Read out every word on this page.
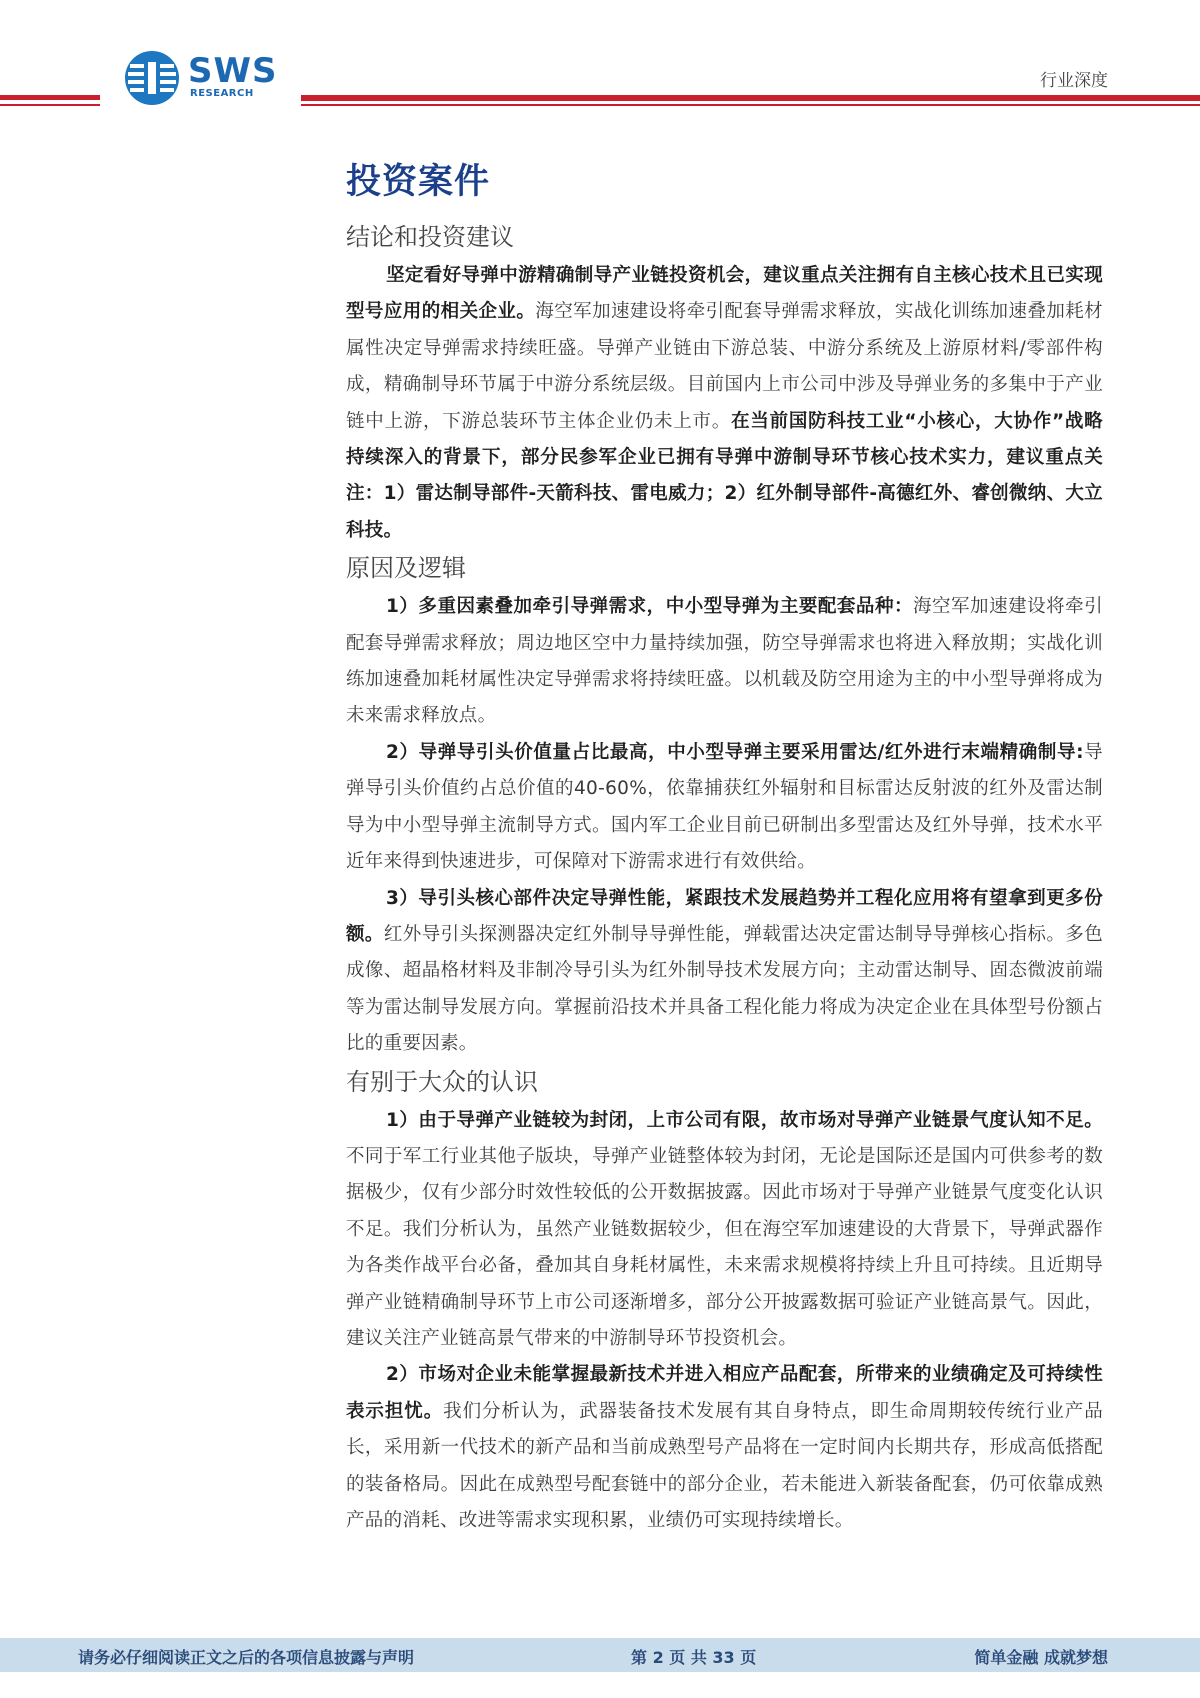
SWS
RESEARCH
行业深度
投资案件
结论和投资建议
坚定看好导弹中游精确制导产业链投资机会，建议重点关注拥有自主核心技术且已实现型号应用的相关企业。海空军加速建设将牵引配套导弹需求释放，实战化训练加速叠加耗材属性决定导弹需求持续旺盛。导弹产业链由下游总装、中游分系统及上游原材料/零部件构成，精确制导环节属于中游分系统层级。目前国内上市公司中涉及导弹业务的多集中于产业链中上游，下游总装环节主体企业仍未上市。在当前国防科技工业“小核心，大协作”战略持续深入的背景下，部分民参军企业已拥有导弹中游制导环节核心技术实力，建议重点关注：1）雷达制导部件-天箭科技、雷电威力；2）红外制导部件-高德红外、睿创微纳、大立科技。
原因及逻辑
1）多重因素叠加牵引导弹需求，中小型导弹为主要配套品种：海空军加速建设将牵引配套导弹需求释放；周边地区空中力量持续加强，防空导弹需求也将进入释放期；实战化训练加速叠加耗材属性决定导弹需求将持续旺盛。以机载及防空用途为主的中小型导弹将成为未来需求释放点。
2）导弹导引头价值量占比最高，中小型导弹主要采用雷达/红外进行末端精确制导:导弹导引头价值约占总价值的40-60%，依靠捕获红外辐射和目标雷达反射波的红外及雷达制导为中小型导弹主流制导方式。国内军工企业目前已研制出多型雷达及红外导弹，技术水平近年来得到快速进步，可保障对下游需求进行有效供给。
3）导引头核心部件决定导弹性能，紧跟技术发展趋势并工程化应用将有望拿到更多份额。红外导引头探测器决定红外制导导弹性能，弹载雷达决定雷达制导导弹核心指标。多色成像、超晶格材料及非制冷导引头为红外制导技术发展方向；主动雷达制导、固态微波前端等为雷达制导发展方向。掌握前沿技术并具备工程化能力将成为决定企业在具体型号份额占比的重要因素。
有别于大众的认识
1）由于导弹产业链较为封闭，上市公司有限，故市场对导弹产业链景气度认知不足。不同于军工行业其他子版块，导弹产业链整体较为封闭，无论是国际还是国内可供参考的数据极少，仅有少部分时效性较低的公开数据披露。因此市场对于导弹产业链景气度变化认识不足。我们分析认为，虽然产业链数据较少，但在海空军加速建设的大背景下，导弹武器作为各类作战平台必备，叠加其自身耗材属性，未来需求规模将持续上升且可持续。且近期导弹产业链精确制导环节上市公司逐渐增多，部分公开披露数据可验证产业链高景气。因此，建议关注产业链高景气带来的中游制导环节投资机会。
2）市场对企业未能掌握最新技术并进入相应产品配套，所带来的业绩确定及可持续性表示担忧。我们分析认为，武器装备技术发展有其自身特点，即生命周期较传统行业产品长，采用新一代技术的新产品和当前成熟型号产品将在一定时间内长期共存，形成高低搭配的装备格局。因此在成熟型号配套链中的部分企业，若未能进入新装备配套，仍可依靠成熟产品的消耗、改进等需求实现积累，业绩仍可实现持续增长。
请务必仔细阅读正文之后的各项信息披露与声明	第 2 页 共 33 页	简单金融 成就梦想
